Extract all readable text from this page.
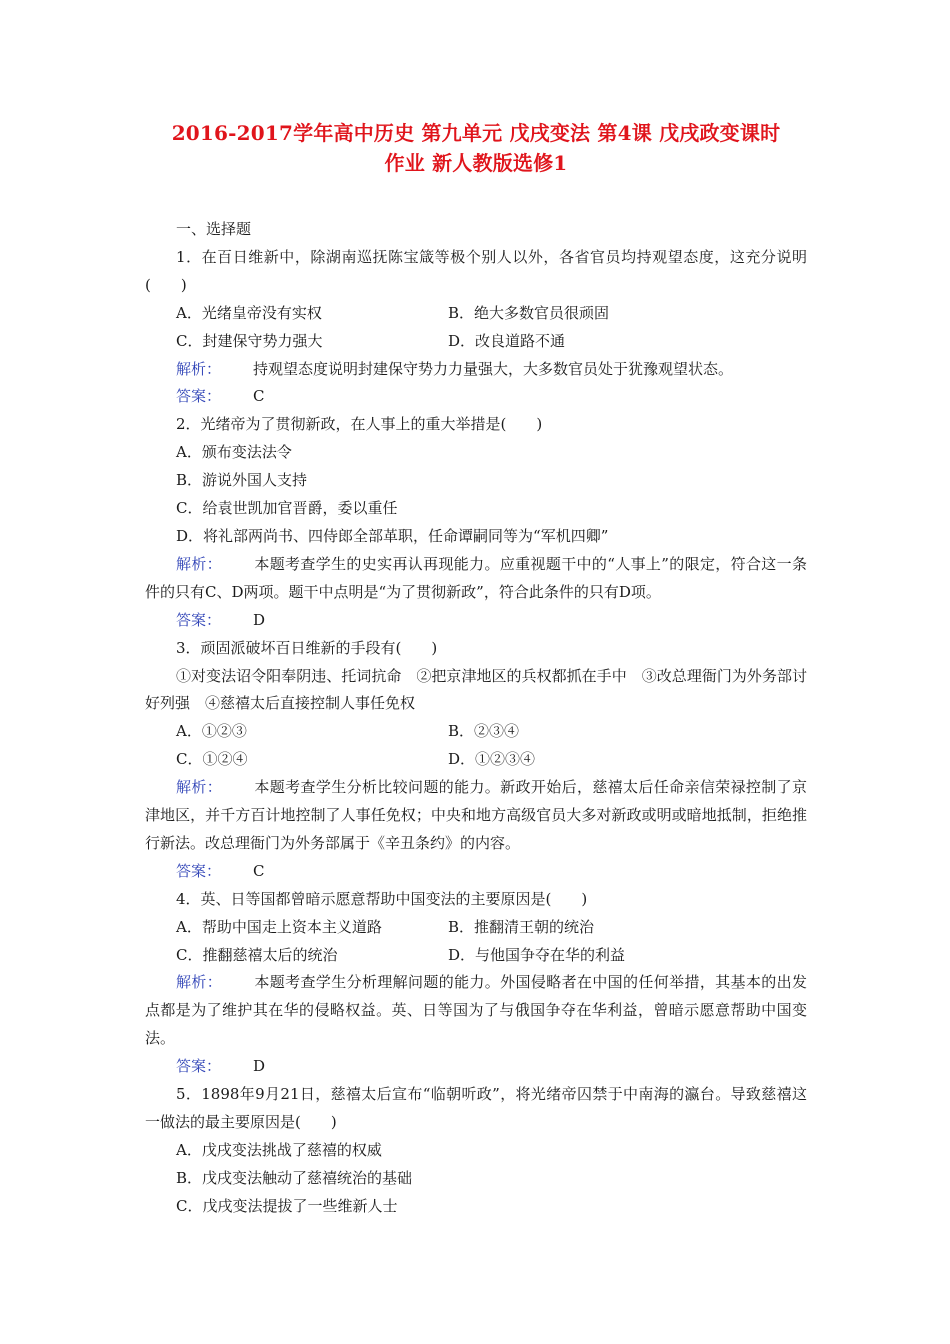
2016-2017学年高中历史 第九单元 戊戌变法 第4课 戊戌政变课时
作业 新人教版选修1
一、选择题
1．在百日维新中，除湖南巡抚陈宝箴等极个别人以外，各省官员均持观望态度，这充分说明(　　)
A．光绪皇帝没有实权	B．绝大多数官员很顽固
C．封建保守势力强大	D．改良道路不通
解析： 持观望态度说明封建保守势力力量强大，大多数官员处于犹豫观望状态。
答案： C
2．光绪帝为了贯彻新政，在人事上的重大举措是(　　)
A．颁布变法法令
B．游说外国人支持
C．给袁世凯加官晋爵，委以重任
D．将礼部两尚书、四侍郎全部革职，任命谭嗣同等为“军机四卿”
解析： 本题考查学生的史实再认再现能力。应重视题干中的“人事上”的限定，符合这一条件的只有C、D两项。题干中点明是“为了贯彻新政”，符合此条件的只有D项。
答案： D
3．顽固派破坏百日维新的手段有(　　)
①对变法诏令阳奉阴违、托词抗命　②把京津地区的兵权都抓在手中　③改总理衙门为外务部讨好列强　④慈禧太后直接控制人事任免权
A．①②③	B．②③④
C．①②④	D．①②③④
解析： 本题考查学生分析比较问题的能力。新政开始后，慈禧太后任命亲信荣禄控制了京津地区，并千方百计地控制了人事任免权；中央和地方高级官员大多对新政或明或暗地抵制，拒绝推行新法。改总理衙门为外务部属于《辛丑条约》的内容。
答案： C
4．英、日等国都曾暗示愿意帮助中国变法的主要原因是(　　)
A．帮助中国走上资本主义道路	B．推翻清王朝的统治
C．推翻慈禧太后的统治	D．与他国争夺在华的利益
解析： 本题考查学生分析理解问题的能力。外国侵略者在中国的任何举措，其基本的出发点都是为了维护其在华的侵略权益。英、日等国为了与俄国争夺在华利益，曾暗示愿意帮助中国变法。
答案： D
5．1898年9月21日，慈禧太后宣布“临朝听政”，将光绪帝囚禁于中南海的瀛台。导致慈禧这一做法的最主要原因是(　　)
A．戊戌变法挑战了慈禧的权威
B．戊戌变法触动了慈禧统治的基础
C．戊戌变法提拔了一些维新人士
